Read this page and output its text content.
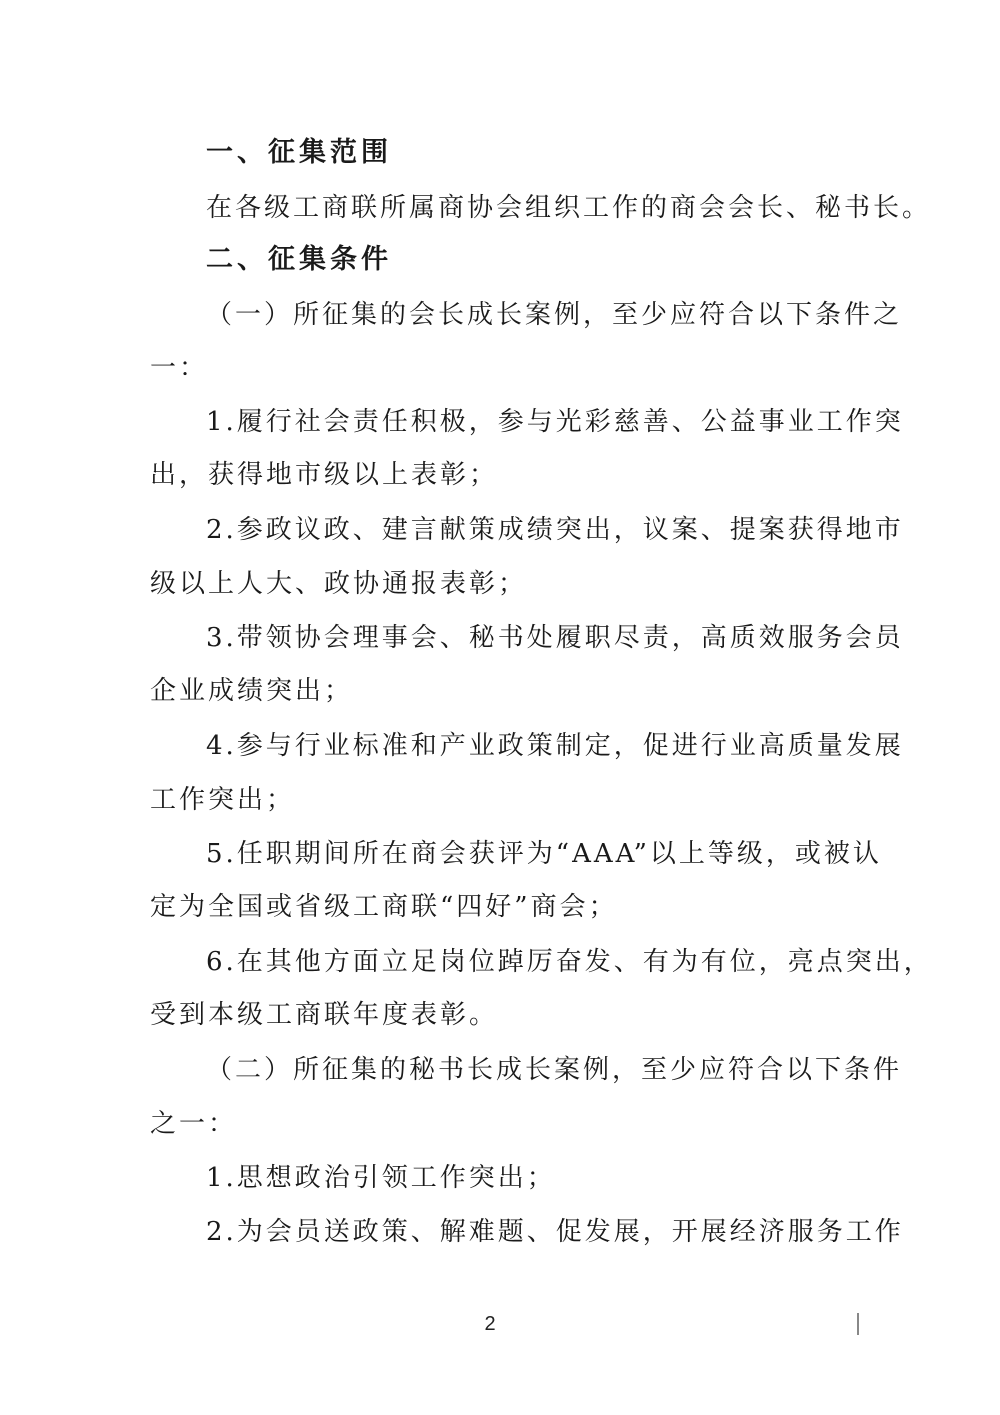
一、征集范围
在各级工商联所属商协会组织工作的商会会长、秘书长。
二、征集条件
（一）所征集的会长成长案例，至少应符合以下条件之
一：
1.履行社会责任积极，参与光彩慈善、公益事业工作突
出，获得地市级以上表彰；
2.参政议政、建言献策成绩突出，议案、提案获得地市
级以上人大、政协通报表彰；
3.带领协会理事会、秘书处履职尽责，高质效服务会员
企业成绩突出；
4.参与行业标准和产业政策制定，促进行业高质量发展
工作突出；
5.任职期间所在商会获评为“AAA”以上等级，或被认
定为全国或省级工商联“四好”商会；
6.在其他方面立足岗位踔厉奋发、有为有位，亮点突出，
受到本级工商联年度表彰。
（二）所征集的秘书长成长案例，至少应符合以下条件
之一：
1.思想政治引领工作突出；
2.为会员送政策、解难题、促发展，开展经济服务工作
2
